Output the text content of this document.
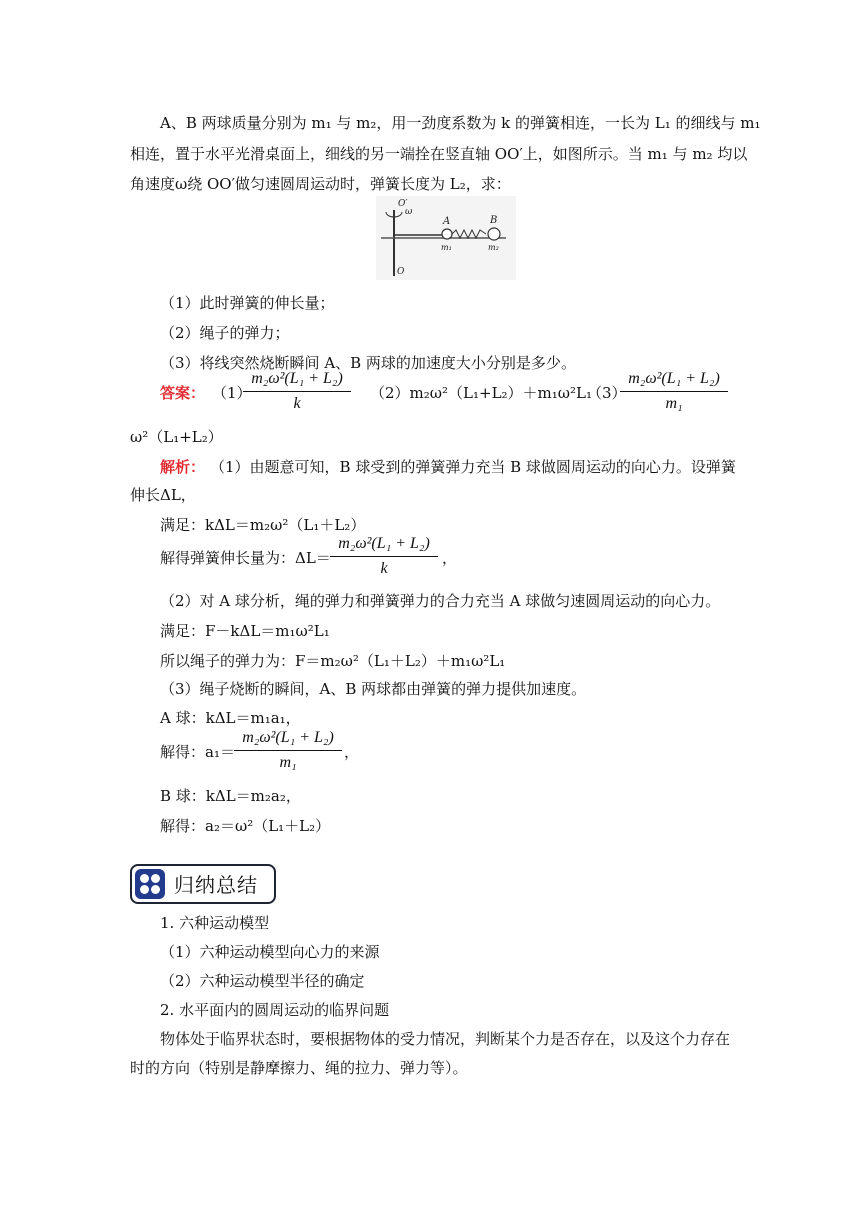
A、B 两球质量分别为 m₁ 与 m₂，用一劲度系数为 k 的弹簧相连，一长为 L₁ 的细线与 m₁
相连，置于水平光滑桌面上，细线的另一端拴在竖直轴 OO′上，如图所示。当 m₁ 与 m₂ 均以
角速度ω绕 OO′做匀速圆周运动时，弹簧长度为 L₂，求：
O′
ω
A	B
m₁	m₂
O
（1）此时弹簧的伸长量；
（2）绳子的弹力；
（3）将线突然烧断瞬间 A、B 两球的加速度大小分别是多少。
答案： （1）
m₂ω²(L₁ + L₂)
k
（2）m₂ω²（L₁+L₂）＋m₁ω²L₁
（3）
m₂ω²(L₁ + L₂)
m₁
ω²（L₁+L₂）
解析： （1）由题意可知，B 球受到的弹簧弹力充当 B 球做圆周运动的向心力。设弹簧
伸长ΔL，
满足：kΔL＝m₂ω²（L₁＋L₂）
解得弹簧伸长量为：ΔL＝
m₂ω²(L₁ + L₂)
k
，
（2）对 A 球分析，绳的弹力和弹簧弹力的合力充当 A 球做匀速圆周运动的向心力。
满足：F－kΔL＝m₁ω²L₁
所以绳子的弹力为：F＝m₂ω²（L₁＋L₂）＋m₁ω²L₁
（3）绳子烧断的瞬间，A、B 两球都由弹簧的弹力提供加速度。
A 球：kΔL＝m₁a₁，
解得：a₁＝
m₂ω²(L₁ + L₂)
m₁
，
B 球：kΔL＝m₂a₂，
解得：a₂＝ω²（L₁＋L₂）
归纳总结
1. 六种运动模型
（1）六种运动模型向心力的来源
（2）六种运动模型半径的确定
2. 水平面内的圆周运动的临界问题
物体处于临界状态时，要根据物体的受力情况，判断某个力是否存在，以及这个力存在
时的方向（特别是静摩擦力、绳的拉力、弹力等）。
